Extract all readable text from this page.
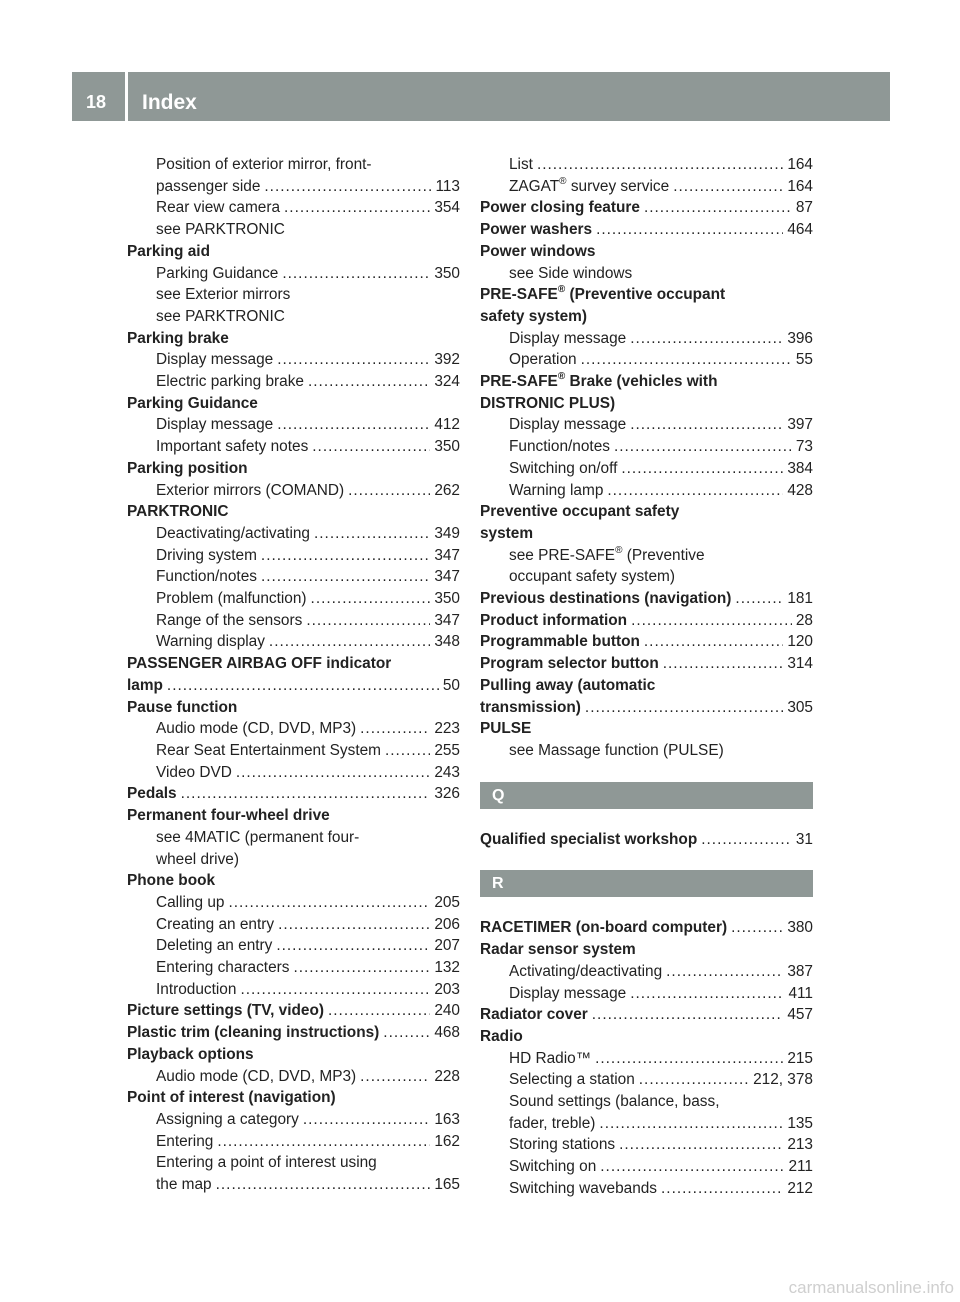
18 Index
Position of exterior mirror, front-
passenger side .....	113
Rear view camera .....	354
see PARKTRONIC
Parking aid
Parking Guidance .....	350
see Exterior mirrors
see PARKTRONIC
Parking brake
Display message .....	392
Electric parking brake .....	324
Parking Guidance
Display message .....	412
Important safety notes .....	350
Parking position
Exterior mirrors (COMAND) .....	262
PARKTRONIC
Deactivating/activating .....	349
Driving system .....	347
Function/notes .....	347
Problem (malfunction) .....	350
Range of the sensors .....	347
Warning display .....	348
PASSENGER AIRBAG OFF indicator
lamp .....	50
Pause function
Audio mode (CD, DVD, MP3) .....	223
Rear Seat Entertainment System .....	255
Video DVD .....	243
Pedals .....	326
Permanent four-wheel drive
see 4MATIC (permanent four-
wheel drive)
Phone book
Calling up .....	205
Creating an entry .....	206
Deleting an entry .....	207
Entering characters .....	132
Introduction .....	203
Picture settings (TV, video) .....	240
Plastic trim (cleaning instructions) .....	468
Playback options
Audio mode (CD, DVD, MP3) .....	228
Point of interest (navigation)
Assigning a category .....	163
Entering .....	162
Entering a point of interest using
the map .....	165
List .....	164
ZAGAT® survey service .....	164
Power closing feature .....	87
Power washers .....	464
Power windows
see Side windows
PRE-SAFE® (Preventive occupant
safety system)
Display message .....	396
Operation .....	55
PRE-SAFE® Brake (vehicles with
DISTRONIC PLUS)
Display message .....	397
Function/notes .....	73
Switching on/off .....	384
Warning lamp .....	428
Preventive occupant safety
system
see PRE-SAFE® (Preventive
occupant safety system)
Previous destinations (navigation) .....	181
Product information .....	28
Programmable button .....	120
Program selector button .....	314
Pulling away (automatic
transmission) .....	305
PULSE
see Massage function (PULSE)
Q
Qualified specialist workshop .....	31
R
RACETIMER (on-board computer) .....	380
Radar sensor system
Activating/deactivating .....	387
Display message .....	411
Radiator cover .....	457
Radio
HD Radio™ .....	215
Selecting a station .....	212, 378
Sound settings (balance, bass,
fader, treble) .....	135
Storing stations .....	213
Switching on .....	211
Switching wavebands .....	212
carmanualsonline.info
